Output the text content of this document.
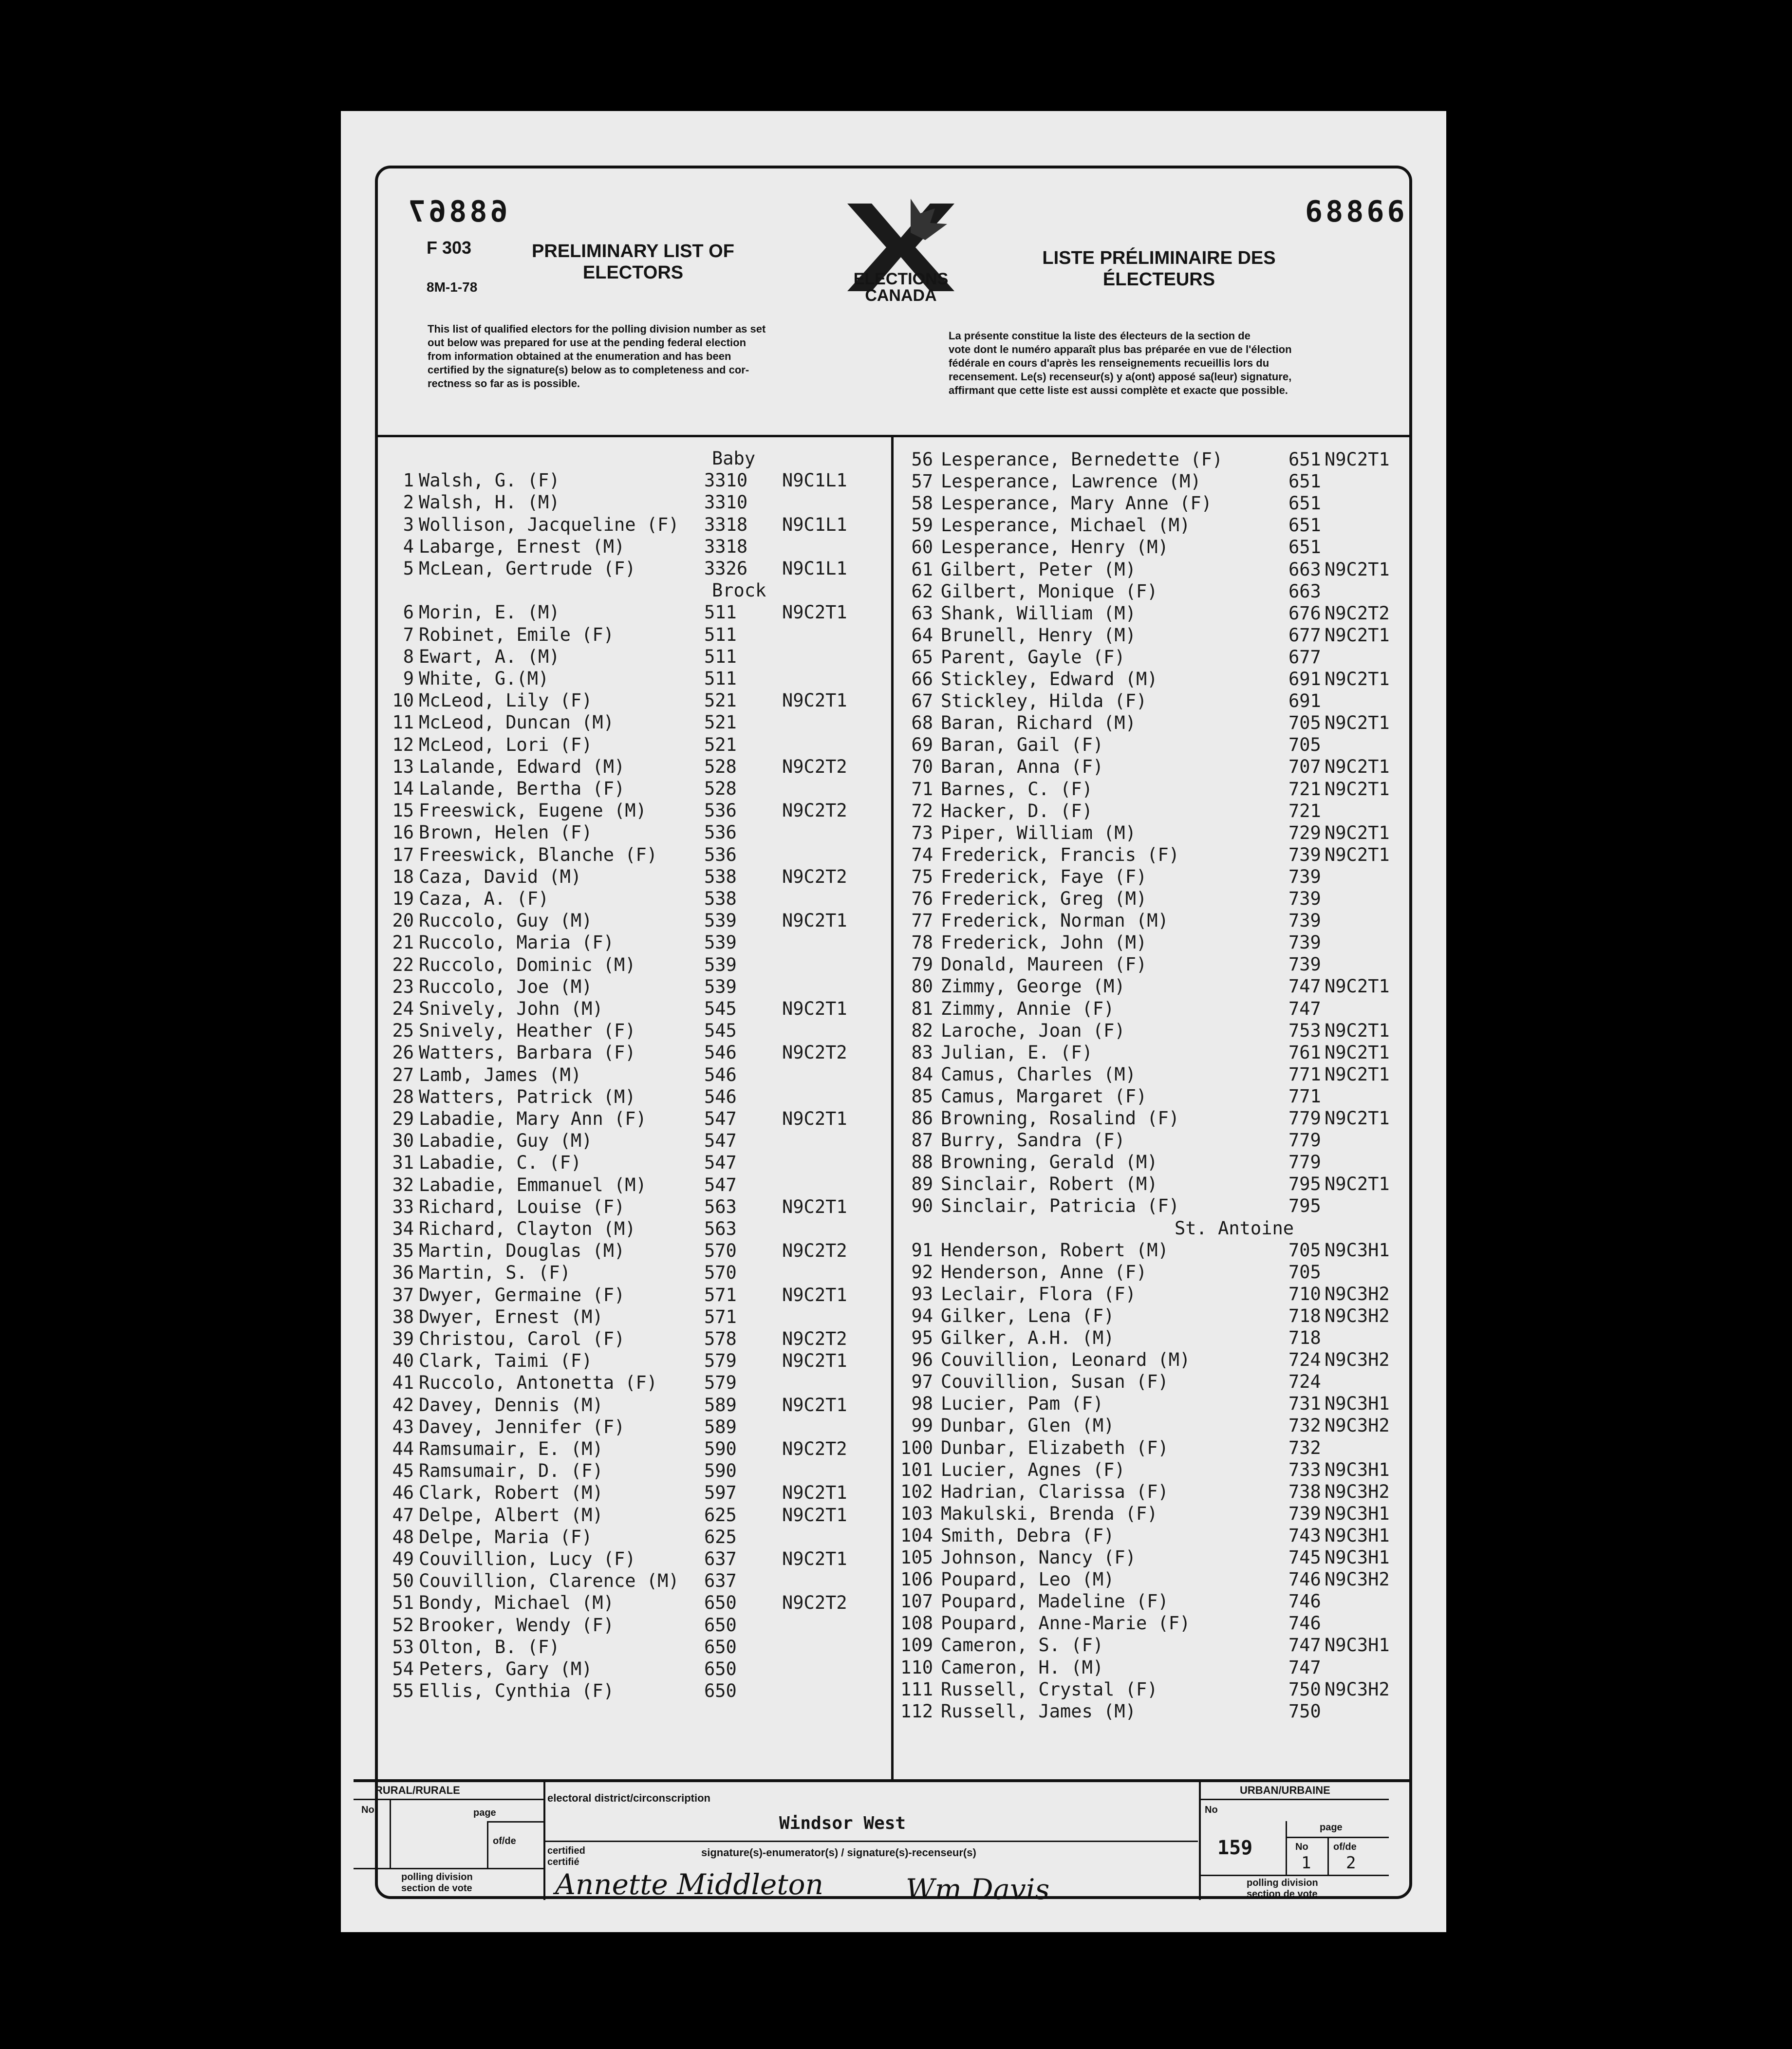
68867	68866
F 303
8M-1-78
PRELIMINARY LIST OF
ELECTORS	ELECTIONS
CANADA
LISTE PRÉLIMINAIRE DES
ÉLECTEURS
This list of qualified electors for the polling division number as set
out below was prepared for use at the pending federal election
from information obtained at the enumeration and has been
certified by the signature(s) below as to completeness and cor-
rectness so far as is possible.
La présente constitue la liste des électeurs de la section de
vote dont le numéro apparaît plus bas préparée en vue de l'élection
fédérale en cours d'après les renseignements recueillis lors du
recensement. Le(s) recenseur(s) y a(ont) apposé sa(leur) signature,
affirmant que cette liste est aussi complète et exacte que possible.
Baby
1 Walsh, G. (F)	3310 N9C1L1
2 Walsh, H. (M)	3310
3 Wollison, Jacqueline (F) 3318 N9C1L1
4 Labarge, Ernest (M)	3318
5 McLean, Gertrude (F)	3326 N9C1L1
Brock
6 Morin, E. (M)	511	N9C2T1
7 Robinet, Emile (F)	511
8 Ewart, A. (M)	511
9 White, G.(M)	511
10 McLeod, Lily (F)	521	N9C2T1
11 McLeod, Duncan (M)	521
12 McLeod, Lori (F)	521
13 Lalande, Edward (M)	528	N9C2T2
14 Lalande, Bertha (F)	528
15 Freeswick, Eugene (M)	536	N9C2T2
16 Brown, Helen (F)	536
17 Freeswick, Blanche (F)	536
18 Caza, David (M)	538	N9C2T2
19 Caza, A. (F)	538
20 Ruccolo, Guy (M)	539	N9C2T1
21 Ruccolo, Maria (F)	539
22 Ruccolo, Dominic (M)	539
23 Ruccolo, Joe (M)	539
24 Snively, John (M)	545	N9C2T1
25 Snively, Heather (F)	545
26 Watters, Barbara (F)	546	N9C2T2
27 Lamb, James (M)	546
28 Watters, Patrick (M)	546
29 Labadie, Mary Ann (F)	547	N9C2T1
30 Labadie, Guy (M)	547
31 Labadie, C. (F)	547
32 Labadie, Emmanuel (M)	547
33 Richard, Louise (F)	563	N9C2T1
34 Richard, Clayton (M)	563
35 Martin, Douglas (M)	570	N9C2T2
36 Martin, S. (F)	570
37 Dwyer, Germaine (F)	571	N9C2T1
38 Dwyer, Ernest (M)	571
39 Christou, Carol (F)	578	N9C2T2
40 Clark, Taimi (F)	579	N9C2T1
41 Ruccolo, Antonetta (F)	579
42 Davey, Dennis (M)	589	N9C2T1
43 Davey, Jennifer (F)	589
44 Ramsumair, E. (M)	590	N9C2T2
45 Ramsumair, D. (F)	590
46 Clark, Robert (M)	597	N9C2T1
47 Delpe, Albert (M)	625	N9C2T1
48 Delpe, Maria (F)	625
49 Couvillion, Lucy (F)	637	N9C2T1
50 Couvillion, Clarence (M) 637
51 Bondy, Michael (M)	650	N9C2T2
52 Brooker, Wendy (F)	650
53 Olton, B. (F)	650
54 Peters, Gary (M)	650
55 Ellis, Cynthia (F)	650
56 Lesperance, Bernedette (F)	651 N9C2T1
57 Lesperance, Lawrence (M)	651
58 Lesperance, Mary Anne (F)	651
59 Lesperance, Michael (M)	651
60 Lesperance, Henry (M)	651
61 Gilbert, Peter (M)	663 N9C2T1
62 Gilbert, Monique (F)	663
63 Shank, William (M)	676 N9C2T2
64 Brunell, Henry (M)	677 N9C2T1
65 Parent, Gayle (F)	677
66 Stickley, Edward (M)	691 N9C2T1
67 Stickley, Hilda (F)	691
68 Baran, Richard (M)	705 N9C2T1
69 Baran, Gail (F)	705
70 Baran, Anna (F)	707 N9C2T1
71 Barnes, C. (F)	721 N9C2T1
72 Hacker, D. (F)	721
73 Piper, William (M)	729 N9C2T1
74 Frederick, Francis (F)	739 N9C2T1
75 Frederick, Faye (F)	739
76 Frederick, Greg (M)	739
77 Frederick, Norman (M)	739
78 Frederick, John (M)	739
79 Donald, Maureen (F)	739
80 Zimmy, George (M)	747 N9C2T1
81 Zimmy, Annie (F)	747
82 Laroche, Joan (F)	753 N9C2T1
83 Julian, E. (F)	761 N9C2T1
84 Camus, Charles (M)	771 N9C2T1
85 Camus, Margaret (F)	771
86 Browning, Rosalind (F)	779 N9C2T1
87 Burry, Sandra (F)	779
88 Browning, Gerald (M)	779
89 Sinclair, Robert (M)	795 N9C2T1
90 Sinclair, Patricia (F)	795
St. Antoine
91 Henderson, Robert (M)	705 N9C3H1
92 Henderson, Anne (F)	705
93 Leclair, Flora (F)	710 N9C3H2
94 Gilker, Lena (F)	718 N9C3H2
95 Gilker, A.H. (M)	718
96 Couvillion, Leonard (M)	724 N9C3H2
97 Couvillion, Susan (F)	724
98 Lucier, Pam (F)	731 N9C3H1
99 Dunbar, Glen (M)	732 N9C3H2
100 Dunbar, Elizabeth (F)	732
101 Lucier, Agnes (F)	733 N9C3H1
102 Hadrian, Clarissa (F)	738 N9C3H2
103 Makulski, Brenda (F)	739 N9C3H1
104 Smith, Debra (F)	743 N9C3H1
105 Johnson, Nancy (F)	745 N9C3H1
106 Poupard, Leo (M)	746 N9C3H2
107 Poupard, Madeline (F)	746
108 Poupard, Anne-Marie (F)	746
109 Cameron, S. (F)	747 N9C3H1
110 Cameron, H. (M)	747
111 Russell, Crystal (F)	750 N9C3H2
112 Russell, James (M)	750
RURAL/RURALE
No	page
of/de
polling division
section de vote
electoral district/circonscription
Windsor West
certified
certifié
signature(s)-enumerator(s) / signature(s)-recenseur(s)
Annette Middleton	Wm Davis
URBAN/URBAINE
No
page
159	No
1
of/de
2
polling division
section de vote
